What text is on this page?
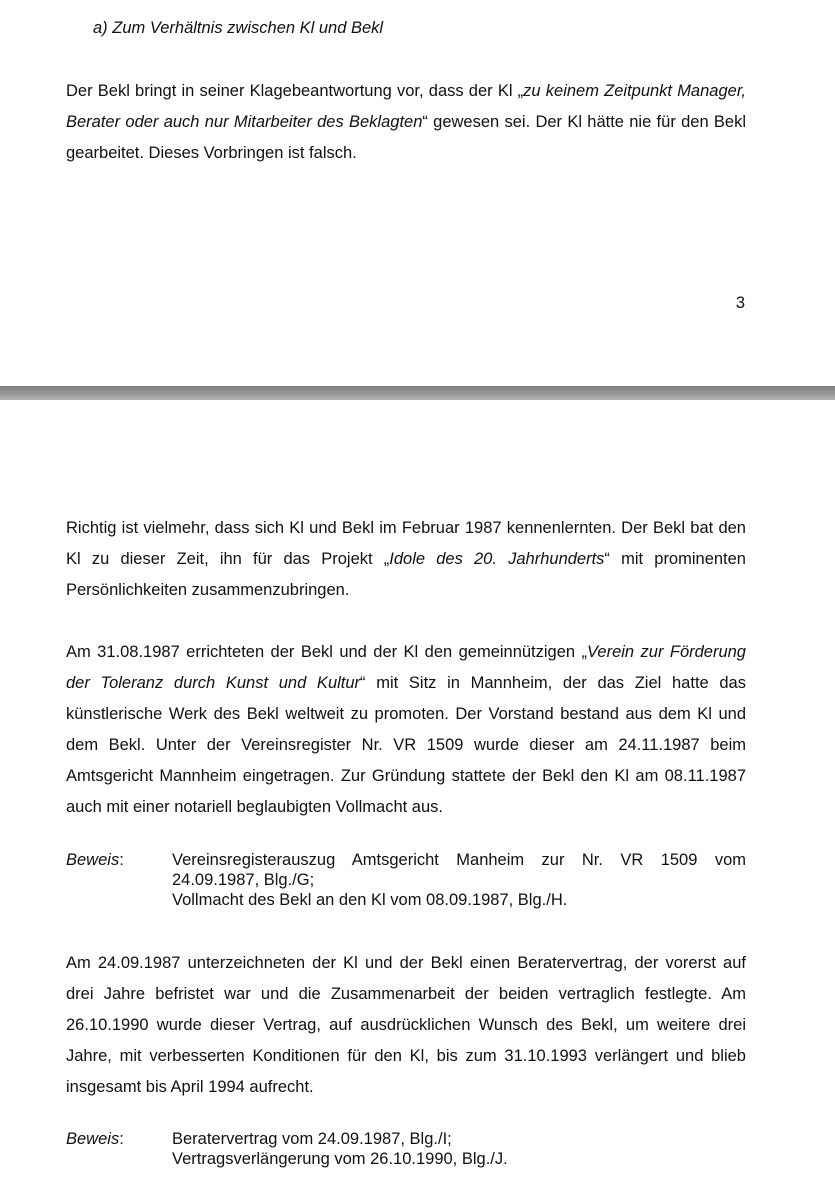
a) Zum Verhältnis zwischen Kl und Bekl

Der Bekl bringt in seiner Klagebeantwortung vor, dass der Kl „zu keinem Zeitpunkt Manager, Berater oder auch nur Mitarbeiter des Beklagten“ gewesen sei. Der Kl hätte nie für den Bekl gearbeitet. Dieses Vorbringen ist falsch.

3

Richtig ist vielmehr, dass sich Kl und Bekl im Februar 1987 kennenlernten. Der Bekl bat den Kl zu dieser Zeit, ihn für das Projekt „Idole des 20. Jahrhunderts“ mit prominenten Persönlichkeiten zusammenzubringen.

Am 31.08.1987 errichteten der Bekl und der Kl den gemeinnützigen „Verein zur Förderung der Toleranz durch Kunst und Kultur“ mit Sitz in Mannheim, der das Ziel hatte das künstlerische Werk des Bekl weltweit zu promoten. Der Vorstand bestand aus dem Kl und dem Bekl. Unter der Vereinsregister Nr. VR 1509 wurde dieser am 24.11.1987 beim Amtsgericht Mannheim eingetragen. Zur Gründung stattete der Bekl den Kl am 08.11.1987 auch mit einer notariell beglaubigten Vollmacht aus.

Beweis:	Vereinsregisterauszug Amtsgericht Manheim zur Nr. VR 1509 vom 24.09.1987, Blg./G;
Vollmacht des Bekl an den Kl vom 08.09.1987, Blg./H.

Am 24.09.1987 unterzeichneten der Kl und der Bekl einen Beratervertrag, der vorerst auf drei Jahre befristet war und die Zusammenarbeit der beiden vertraglich festlegte. Am 26.10.1990 wurde dieser Vertrag, auf ausdrücklichen Wunsch des Bekl, um weitere drei Jahre, mit verbesserten Konditionen für den Kl, bis zum 31.10.1993 verlängert und blieb insgesamt bis April 1994 aufrecht.

Beweis:	Beratervertrag vom 24.09.1987, Blg./I;
Vertragsverlängerung vom 26.10.1990, Blg./J.
